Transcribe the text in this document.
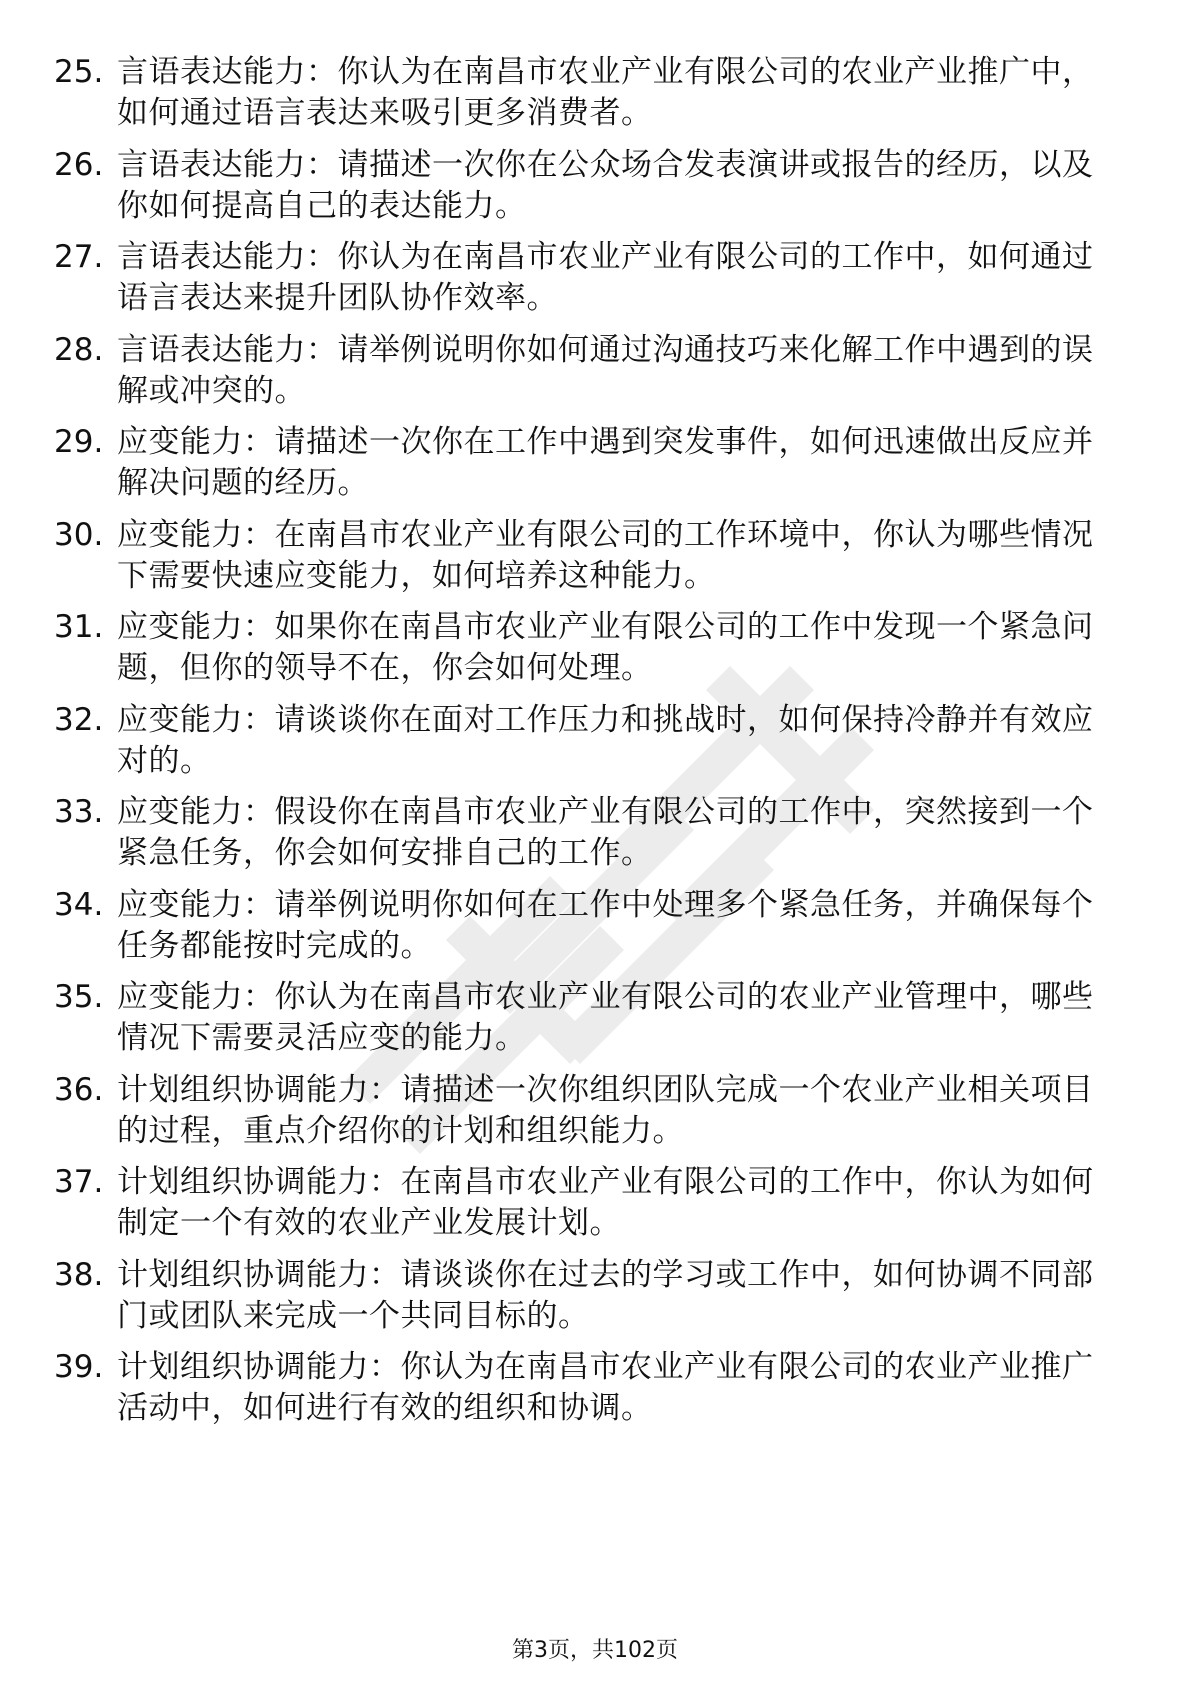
25. 言语表达能力：你认为在南昌市农业产业有限公司的农业产业推广中，如何通过语言表达来吸引更多消费者。
26. 言语表达能力：请描述一次你在公众场合发表演讲或报告的经历，以及你如何提高自己的表达能力。
27. 言语表达能力：你认为在南昌市农业产业有限公司的工作中，如何通过语言表达来提升团队协作效率。
28. 言语表达能力：请举例说明你如何通过沟通技巧来化解工作中遇到的误解或冲突的。
29. 应变能力：请描述一次你在工作中遇到突发事件，如何迅速做出反应并解决问题的经历。
30. 应变能力：在南昌市农业产业有限公司的工作环境中，你认为哪些情况下需要快速应变能力，如何培养这种能力。
31. 应变能力：如果你在南昌市农业产业有限公司的工作中发现一个紧急问题，但你的领导不在，你会如何处理。
32. 应变能力：请谈谈你在面对工作压力和挑战时，如何保持冷静并有效应对的。
33. 应变能力：假设你在南昌市农业产业有限公司的工作中，突然接到一个紧急任务，你会如何安排自己的工作。
34. 应变能力：请举例说明你如何在工作中处理多个紧急任务，并确保每个任务都能按时完成的。
35. 应变能力：你认为在南昌市农业产业有限公司的农业产业管理中，哪些情况下需要灵活应变的能力。
36. 计划组织协调能力：请描述一次你组织团队完成一个农业产业相关项目的过程，重点介绍你的计划和组织能力。
37. 计划组织协调能力：在南昌市农业产业有限公司的工作中，你认为如何制定一个有效的农业产业发展计划。
38. 计划组织协调能力：请谈谈你在过去的学习或工作中，如何协调不同部门或团队来完成一个共同目标的。
39. 计划组织协调能力：你认为在南昌市农业产业有限公司的农业产业推广活动中，如何进行有效的组织和协调。
第3页，共102页
